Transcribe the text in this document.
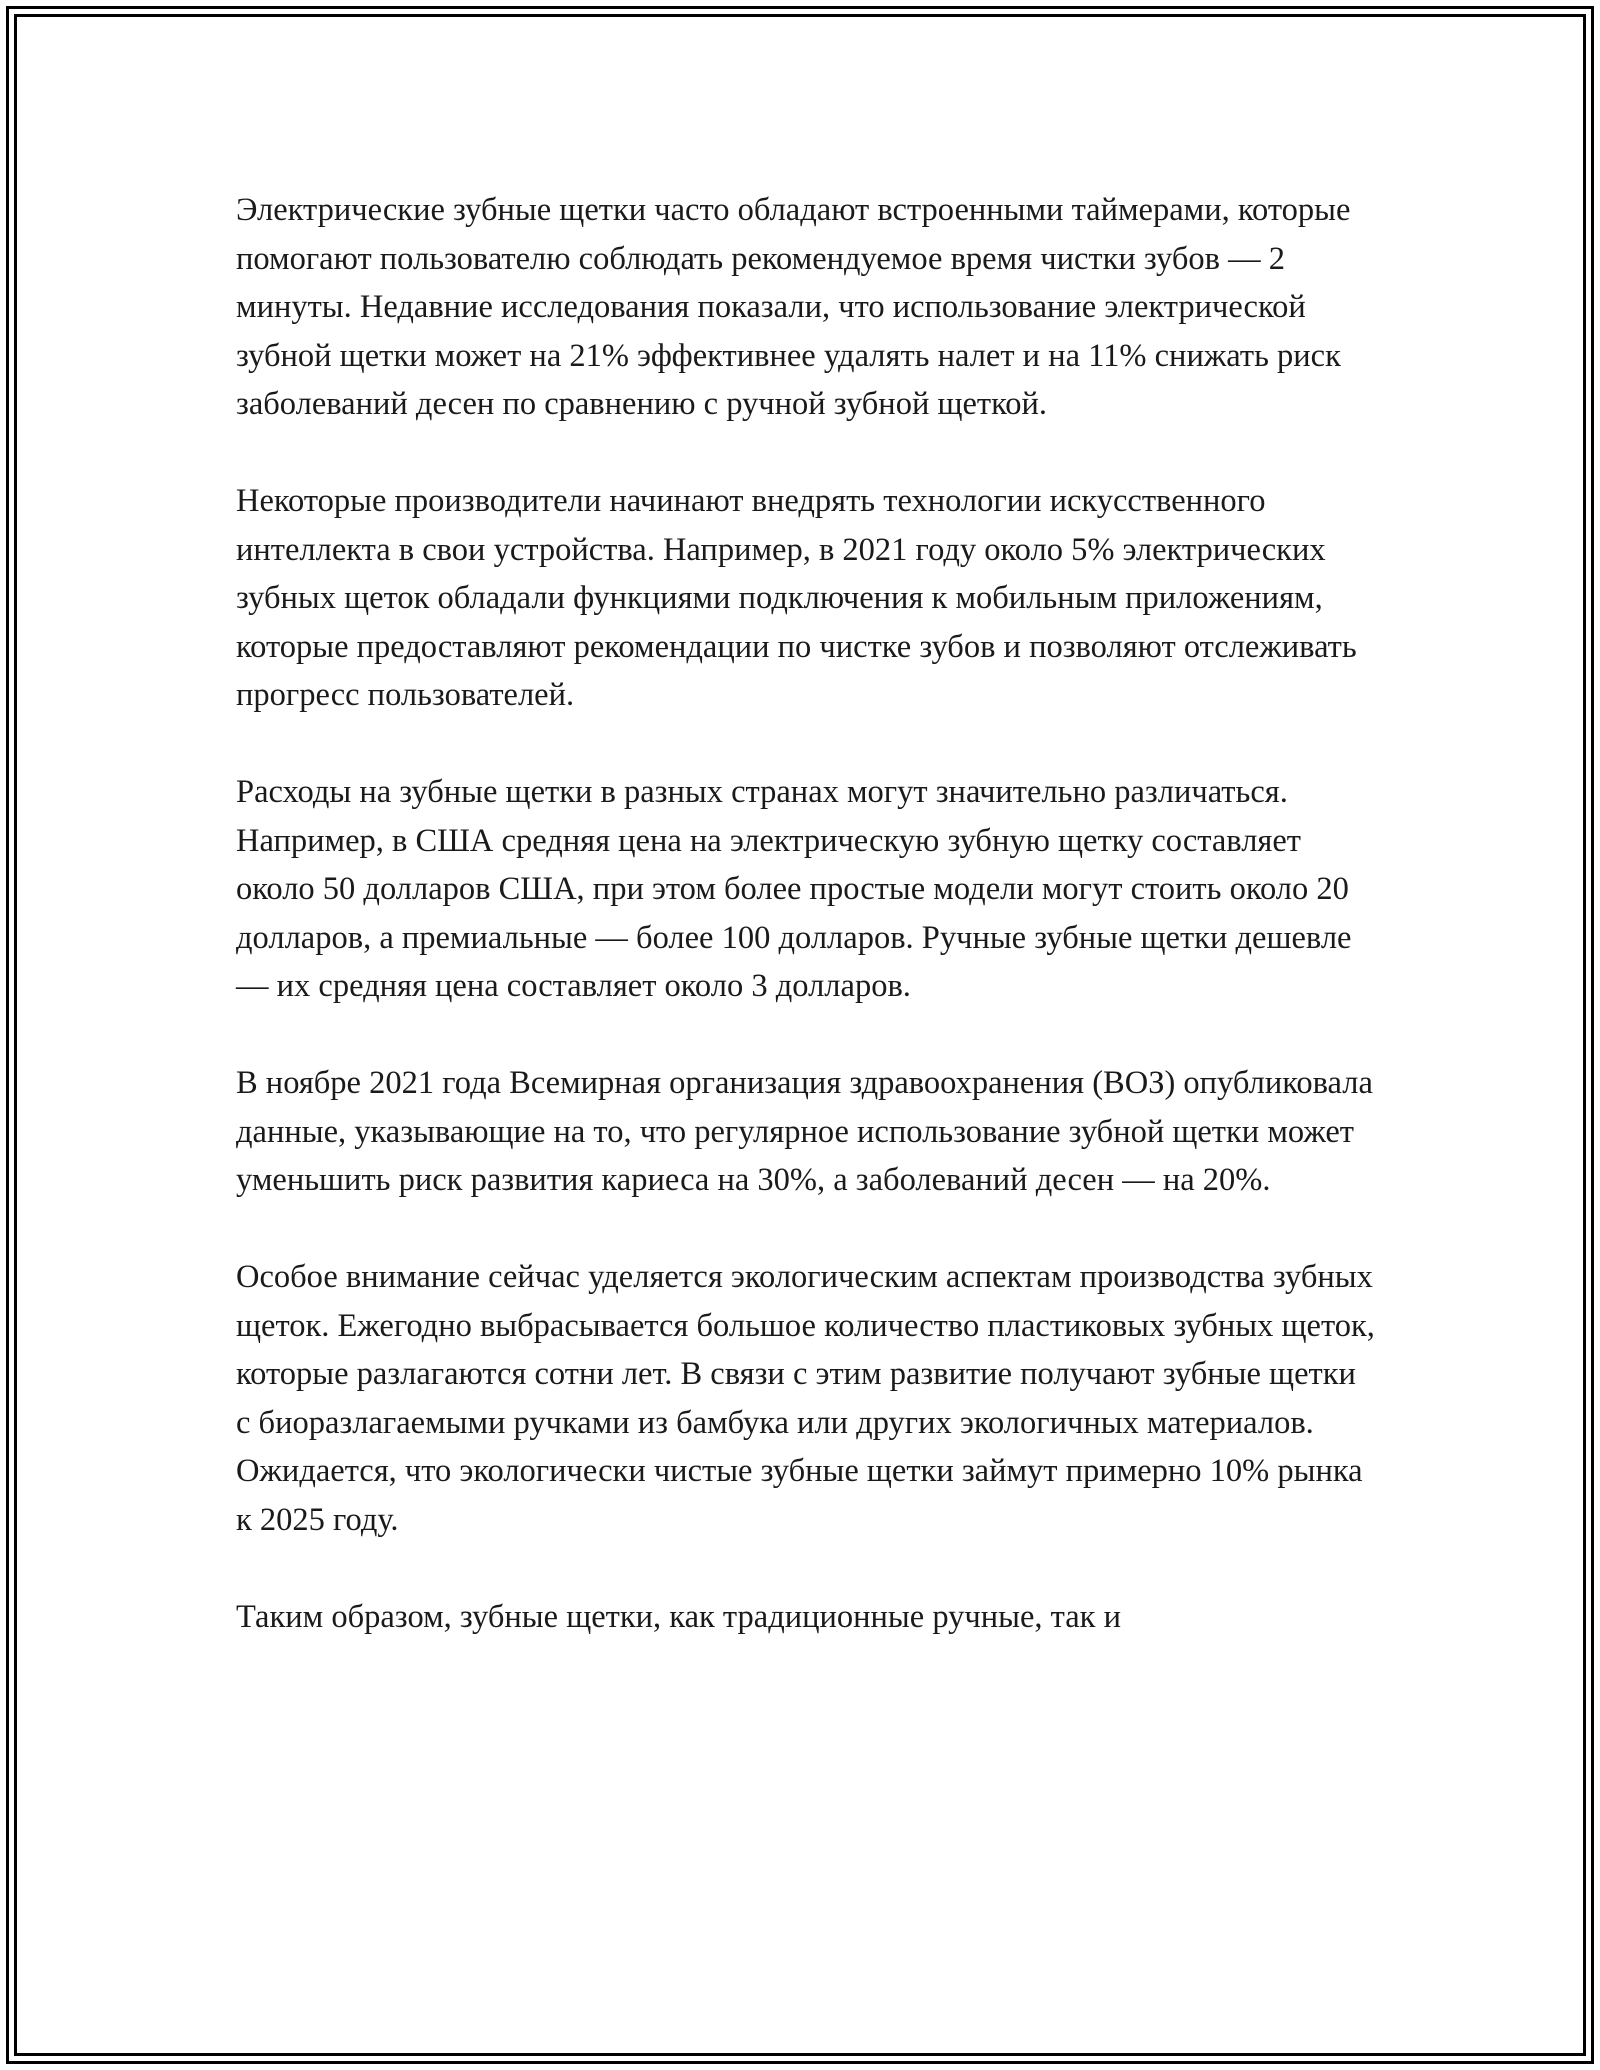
Электрические зубные щетки часто обладают встроенными таймерами, которые помогают пользователю соблюдать рекомендуемое время чистки зубов — 2 минуты. Недавние исследования показали, что использование электрической зубной щетки может на 21% эффективнее удалять налет и на 11% снижать риск заболеваний десен по сравнению с ручной зубной щеткой.

Некоторые производители начинают внедрять технологии искусственного интеллекта в свои устройства. Например, в 2021 году около 5% электрических зубных щеток обладали функциями подключения к мобильным приложениям, которые предоставляют рекомендации по чистке зубов и позволяют отслеживать прогресс пользователей.

Расходы на зубные щетки в разных странах могут значительно различаться. Например, в США средняя цена на электрическую зубную щетку составляет около 50 долларов США, при этом более простые модели могут стоить около 20 долларов, а премиальные — более 100 долларов. Ручные зубные щетки дешевле — их средняя цена составляет около 3 долларов.

В ноябре 2021 года Всемирная организация здравоохранения (ВОЗ) опубликовала данные, указывающие на то, что регулярное использование зубной щетки может уменьшить риск развития кариеса на 30%, а заболеваний десен — на 20%.

Особое внимание сейчас уделяется экологическим аспектам производства зубных щеток. Ежегодно выбрасывается большое количество пластиковых зубных щеток, которые разлагаются сотни лет. В связи с этим развитие получают зубные щетки с биоразлагаемыми ручками из бамбука или других экологичных материалов. Ожидается, что экологически чистые зубные щетки займут примерно 10% рынка к 2025 году.

Таким образом, зубные щетки, как традиционные ручные, так и
